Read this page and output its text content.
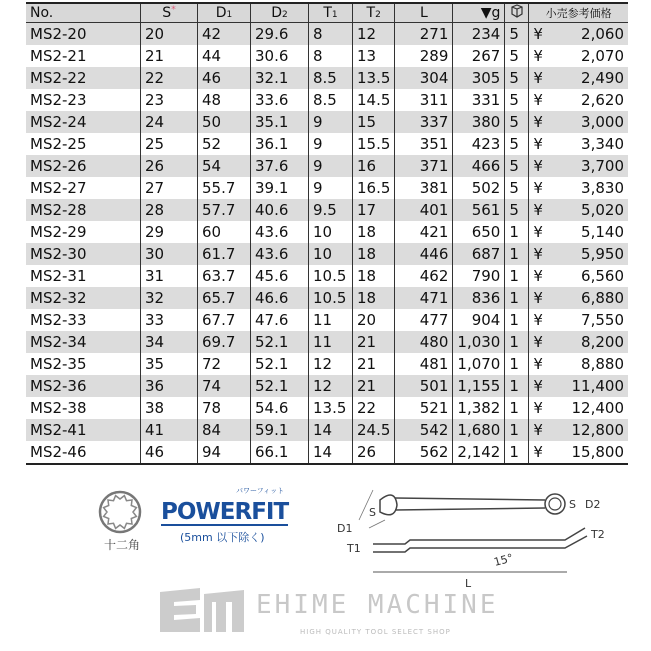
No.	S*	D1	D2	T1	T2	L	▼g		小売参考価格
MS2-20	20	42	29.6	8	12	271	234	5	¥ 2,060

MS2-21	21	44	30.6	8	13	289	267	5	¥ 2,070

MS2-22	22	46	32.1	8.5	13.5	304	305	5	¥ 2,490

MS2-23	23	48	33.6	8.5	14.5	311	331	5	¥ 2,620

MS2-24	24	50	35.1	9	15	337	380	5	¥ 3,000

MS2-25	25	52	36.1	9	15.5	351	423	5	¥ 3,340

MS2-26	26	54	37.6	9	16	371	466	5	¥ 3,700

MS2-27	27	55.7	39.1	9	16.5	381	502	5	¥ 3,830

MS2-28	28	57.7	40.6	9.5	17	401	561	5	¥ 5,020

MS2-29	29	60	43.6	10	18	421	650	1	¥ 5,140

MS2-30	30	61.7	43.6	10	18	446	687	1	¥ 5,950

MS2-31	31	63.7	45.6	10.5	18	462	790	1	¥ 6,560

MS2-32	32	65.7	46.6	10.5	18	471	836	1	¥ 6,880

MS2-33	33	67.7	47.6	11	20	477	904	1	¥ 7,550

MS2-34	34	69.7	52.1	11	21	480	1,030	1	¥ 8,200

MS2-35	35	72	52.1	12	21	481	1,070	1	¥ 8,880

MS2-36	36	74	52.1	12	21	501	1,155	1	¥ 11,400

MS2-38	38	78	54.6	13.5	22	521	1,382	1	¥ 12,400

MS2-41	41	84	59.1	14	24.5	542	1,680	1	¥ 12,800

MS2-46	46	94	66.1	14	26	562	2,142	1	¥ 15,800
十二角
パワーフィット
POWERFIT
(5mm 以下除く)
D1
S
S D2
T1
T2
15°
L
EHIME MACHINE
HIGH QUALITY TOOL SELECT SHOP
